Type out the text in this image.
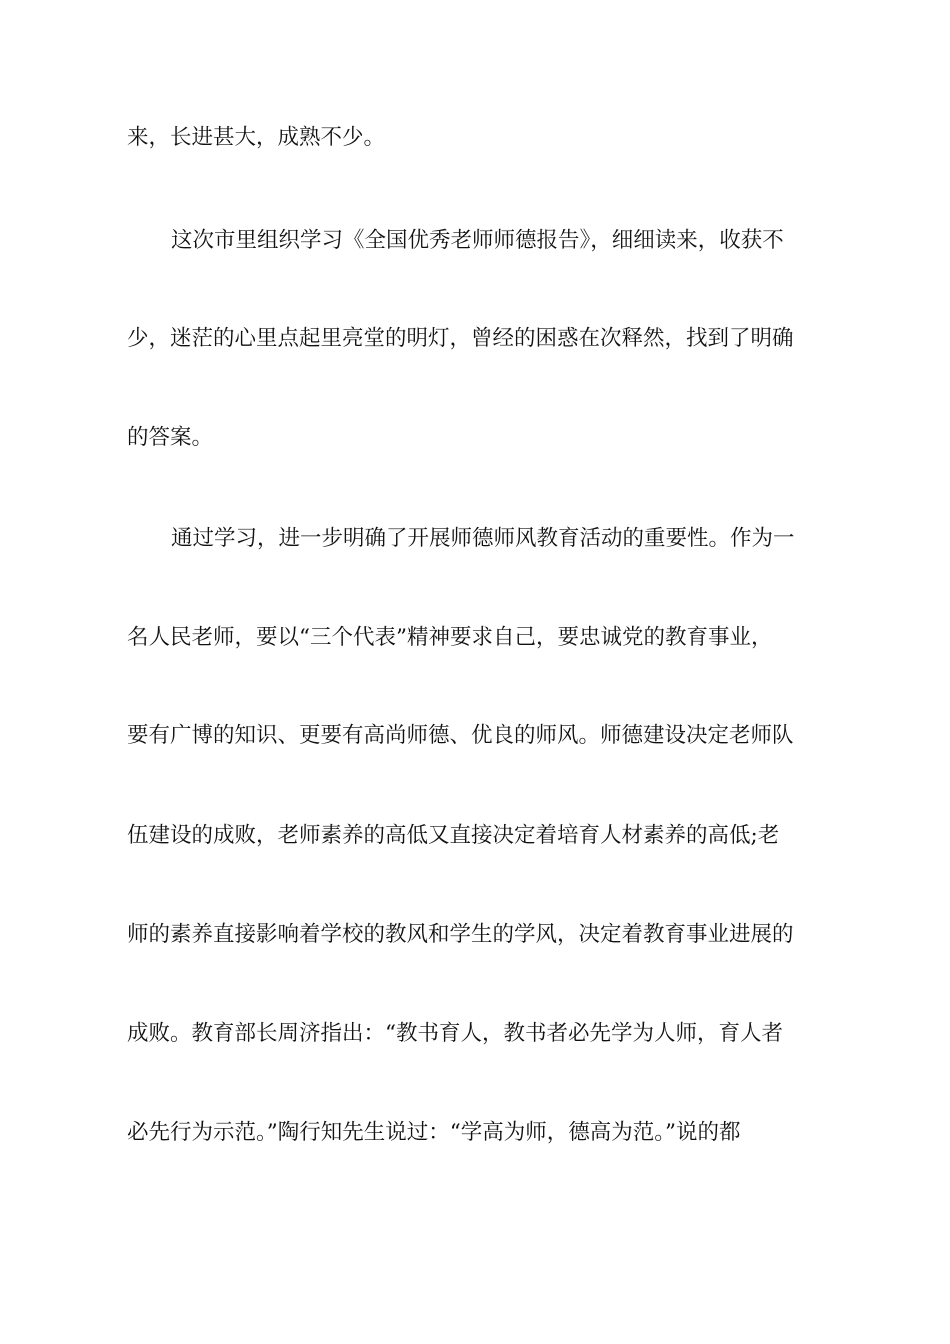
来，长进甚大，成熟不少。
这次市里组织学习《全国优秀老师师德报告》，细细读来，收获不
少，迷茫的心里点起里亮堂的明灯，曾经的困惑在次释然，找到了明确
的答案。
通过学习，进一步明确了开展师德师风教育活动的重要性。作为一
名人民老师，要以“三个代表”精神要求自己，要忠诚党的教育事业，
要有广博的知识、更要有高尚师德、优良的师风。师德建设决定老师队
伍建设的成败，老师素养的高低又直接决定着培育人材素养的高低;老
师的素养直接影响着学校的教风和学生的学风，决定着教育事业进展的
成败。教育部长周济指出：“教书育人，教书者必先学为人师，育人者
必先行为示范。”陶行知先生说过：“学高为师，德高为范。”说的都
